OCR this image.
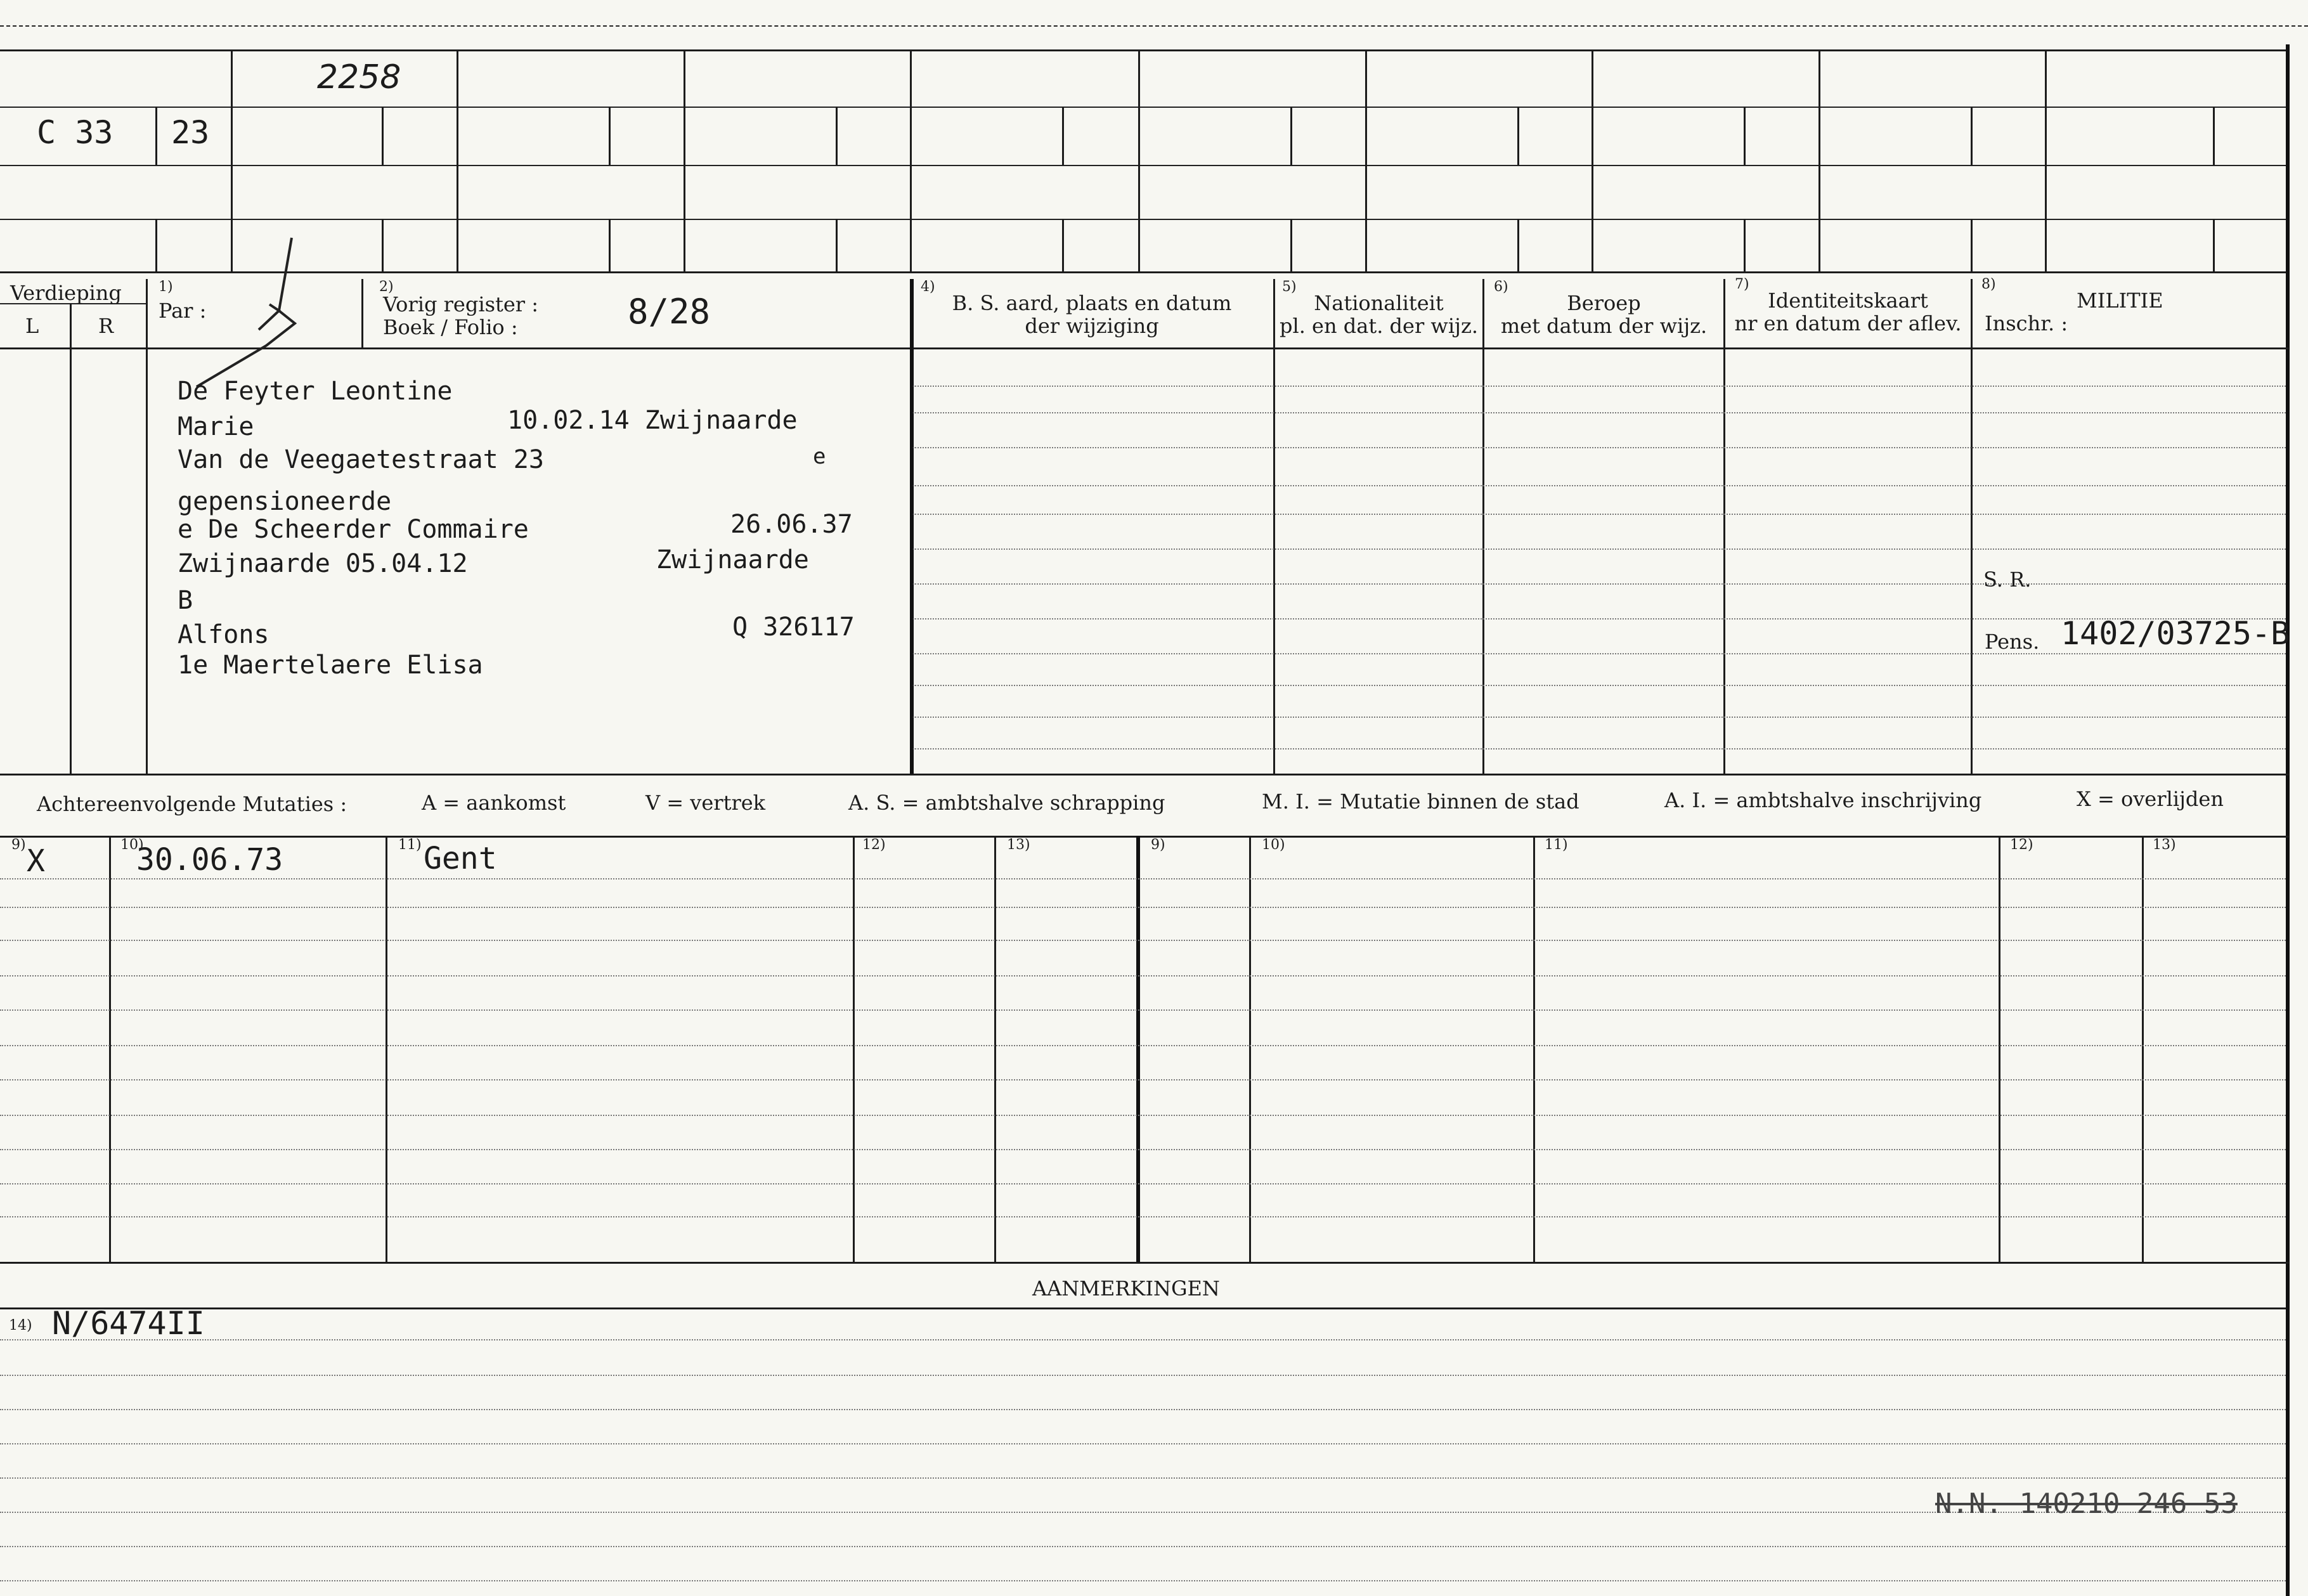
2258
C 33 23
Verdieping
L	R
1)
Par :
2)
Vorig register :
Boek / Folio :	8/28
4)
B. S. aard, plaats en datum
der wijziging
5)
Nationaliteit
pl. en dat. der wijz.
6)
Beroep
met datum der wijz.
7)
Identiteitskaart
nr en datum der aflev.
8)
MILITIE
Inschr. :
De Feyter Leontine
Marie	10.02.14 Zwijnaarde
Van de Veegaetestraat 23	e
gepensioneerde
e De Scheerder Commaire	26.06.37
Zwijnaarde 05.04.12	Zwijnaarde
B
Alfons	Q 326117
1e Maertelaere Elisa
S. R.
Pens. 1402/03725-B
Achtereenvolgende Mutaties :	A = aankomst	V = vertrek	A. S. = ambtshalve schrapping	M. I. = Mutatie binnen de stad	A. I. = ambtshalve inschrijving	X = overlijden
9)	10)	11)	12)	13)	9)	10)	11)	12)	13)
X	30.06.73	Gent
AANMERKINGEN
14) N/6474II
N.N. 140210 246 53
